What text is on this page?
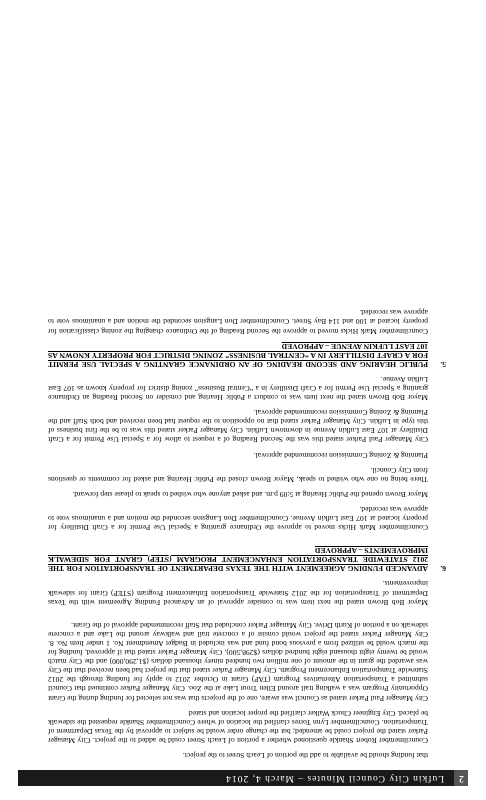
2
Lufkin City Council Minutes – March 4, 2014

that funding should be available to add the portion of Leach Street to the project.

Councilmember Robert Shankle questioned whether a portion of Leach Street could be added to the project. City Manager Parker stated the project could be amended; but the change order would be subject to approval by the Texas Department of Transportation. Councilmember Lynn Torres clarified the location of where Councilmember Shankle requested the sidewalk be placed. City Engineer Chuck Walker clarified the proper location and stated

City Manager Paul Parker stated as Council was aware, one of the projects that was not selected for funding during the Grant Opportunity Program was a walking trail around Ellen Trout Lake at the Zoo. City Manager Parker continued that Council submitted a Transportation Alternatives Program (TAP) Grant in October 2012 to apply for funding through the 2012 Statewide Transportation Enhancement Program. City Manager Parker stated that the project had been received that the City was awarded the grant in the amount of one million two hundred ninety thousand dollars ($1,290,000) and the City match would be twenty eight thousand eight hundred dollars ($298,500). City Manager Parker stated that if approved, funding for the match would be utilized from a previous bond fund and was included in Budget Amendment No. 1 under Item No. 8. City Manager Parker stated the project would consist of a concrete trail and walkway around the Lake and a concrete sidewalk on a portion of Kurth Drive. City Manager Parker concluded that Staff recommended approval of the Grant.

Mayor Bob Brown stated the next item was to consider approval of an Advanced Funding Agreement with the Texas Department of Transportation for the 2012 Statewide Transportation Enhancement Program (STEP) Grant for sidewalk improvements.

6.
ADVANCED FUNDING AGREEMENT WITH THE TEXAS DEPARTMENT OF TRANSPORTATION FOR THE 2012 STATEWIDE TRANSPORTATION ENHANCEMENT PROGRAM (STEP) GRANT FOR SIDEWALK IMPROVEMENTS – APPROVED

Councilmember Mark Hicks moved to approve the Ordinance granting a Special Use Permit for a Craft Distillery for property located at 107 East Lufkin Avenue. Councilmember Don Langston seconded the motion and a unanimous vote to approve was recorded.

Mayor Brown opened the Public Hearing at 5:09 p.m. and asked anyone who wished to speak to please step forward.

There being no one who wished to speak, Mayor Brown closed the Public Hearing and asked for comments or questions from City Council.

Planning & Zoning Commission recommended approval.

City Manager Paul Parker stated this was the Second Reading of a request to allow for a Special Use Permit for a Craft Distillery at 107 East Lufkin Avenue in downtown Lufkin. City Manager Parker stated this was to be the first business of this type in Lufkin. City Manager Parker stated that no opposition to the request had been received and both Staff and the Planning & Zoning Commission recommended approval.

Mayor Bob Brown stated the next item was to conduct a Public Hearing and consider on Second Reading an Ordinance granting a Special Use Permit for a Craft Distillery in a “Central Business” zoning district for property known as 107 East Lufkin Avenue.

5.
PUBLIC HEARING AND SECOND READING OF AN ORDINANCE GRANTING A SPECIAL USE PERMIT FOR A CRAFT DISTILLERY IN A “CENTRAL BUSINESS” ZONING DISTRICT FOR PROPERTY KNOWN AS 107 EAST LUFKIN AVENUE – APPROVED

Councilmember Mark Hicks moved to approve the Second Reading of the Ordinance changing the zoning classification for property located at 100 and 114 Bay Street. Councilmember Don Langston seconded the motion and a unanimous vote to approve was recorded.
